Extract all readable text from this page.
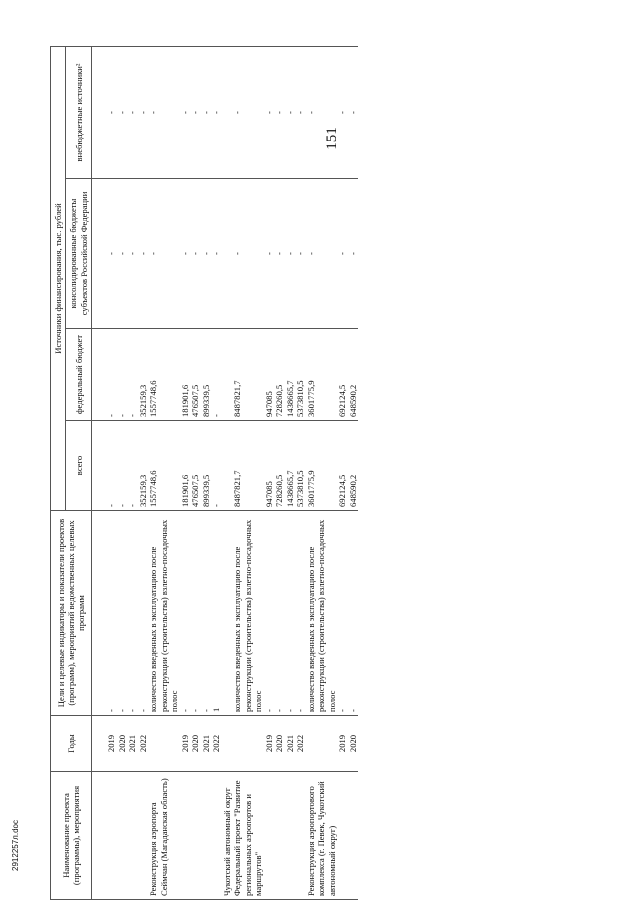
151
Наименование проекта (программы), мероприятия	Годы	Цели и целевые индикаторы и показатели проектов (программ), мероприятий ведомственных целевых программ	Источники финансирования, тыс. рублей			
			всего	федеральный бюджет	консолидированные бюджеты субъектов Российской Федерации	внебюджетные источники²

	2019	-	-	-	-	-
	2020	-	-	-	-	-
	2021	-	-	-	-	-
	2022	-	352159,3	352159,3	-	-
Реконструкция аэропорта Сеймчан (Магаданская область)		количество введенных в эксплуатацию после реконструкции (строительства) взлетно-посадочных полос	1557748,6	1557748,6	-	-
	2019	-	181901,6	181901,6	-	-
	2020	-	476507,5	476507,5	-	-
	2021	-	899339,5	899339,5	-	-
	2022	1	-	-	-	-
Чукотский автономный округ						
Федеральный проект "Развитие региональных аэропортов и маршрутов"		количество введенных в эксплуатацию после реконструкции (строительства) взлетно-посадочных полос	8487821,7	8487821,7	-	-
	2019	-	947085	947085	-	-
	2020	-	728260,5	728260,5	-	-
	2021	-	1438665,7	1438665,7	-	-
	2022	-	5373810,5	5373810,5	-	-
Реконструкция аэропортового комплекса (г. Певек, Чукотский автономный округ)		количество введенных в эксплуатацию после реконструкции (строительства) взлетно-посадочных полос	3601775,9	3601775,9	-	-
	2019	-	692124,5	692124,5	-	-
	2020	-	648590,2	648590,2	-	-
2912257л.doc
